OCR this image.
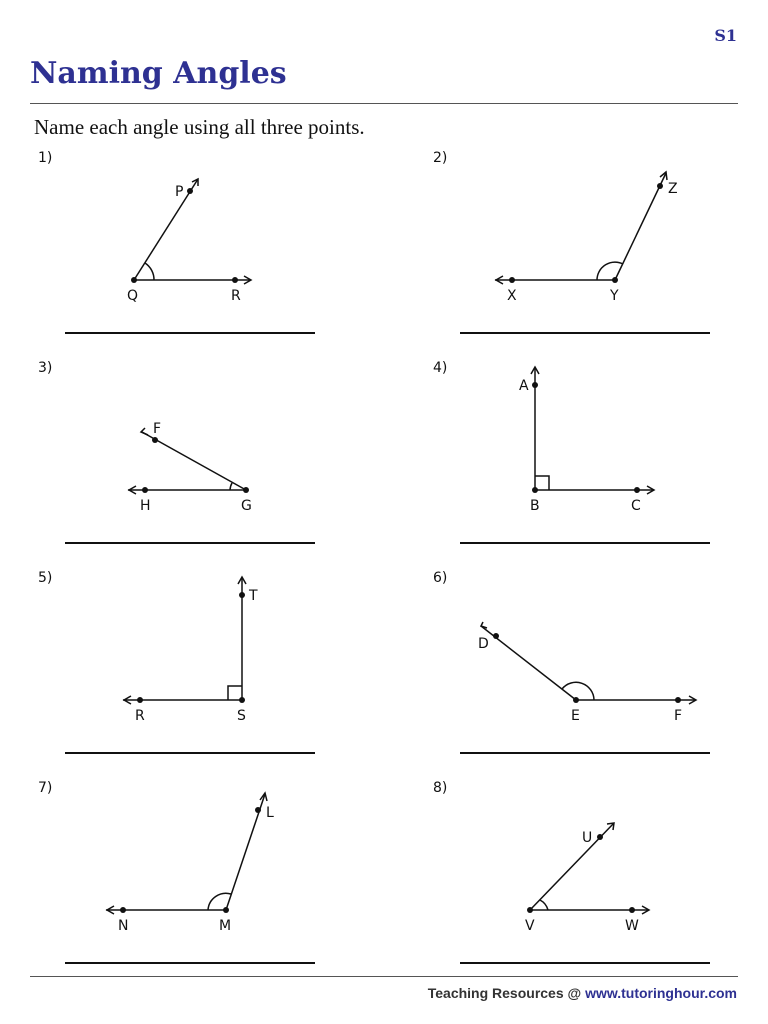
S1
Naming Angles
Name each angle using all three points.
1)
P
Q	R
2)
X	Y
Z
3)
F
H	G
4)
A
B	C
5)
T
R	S
6)
D
E	F
7)
L
N	M
8)
U
V	W
Teaching Resources @ www.tutoringhour.com
